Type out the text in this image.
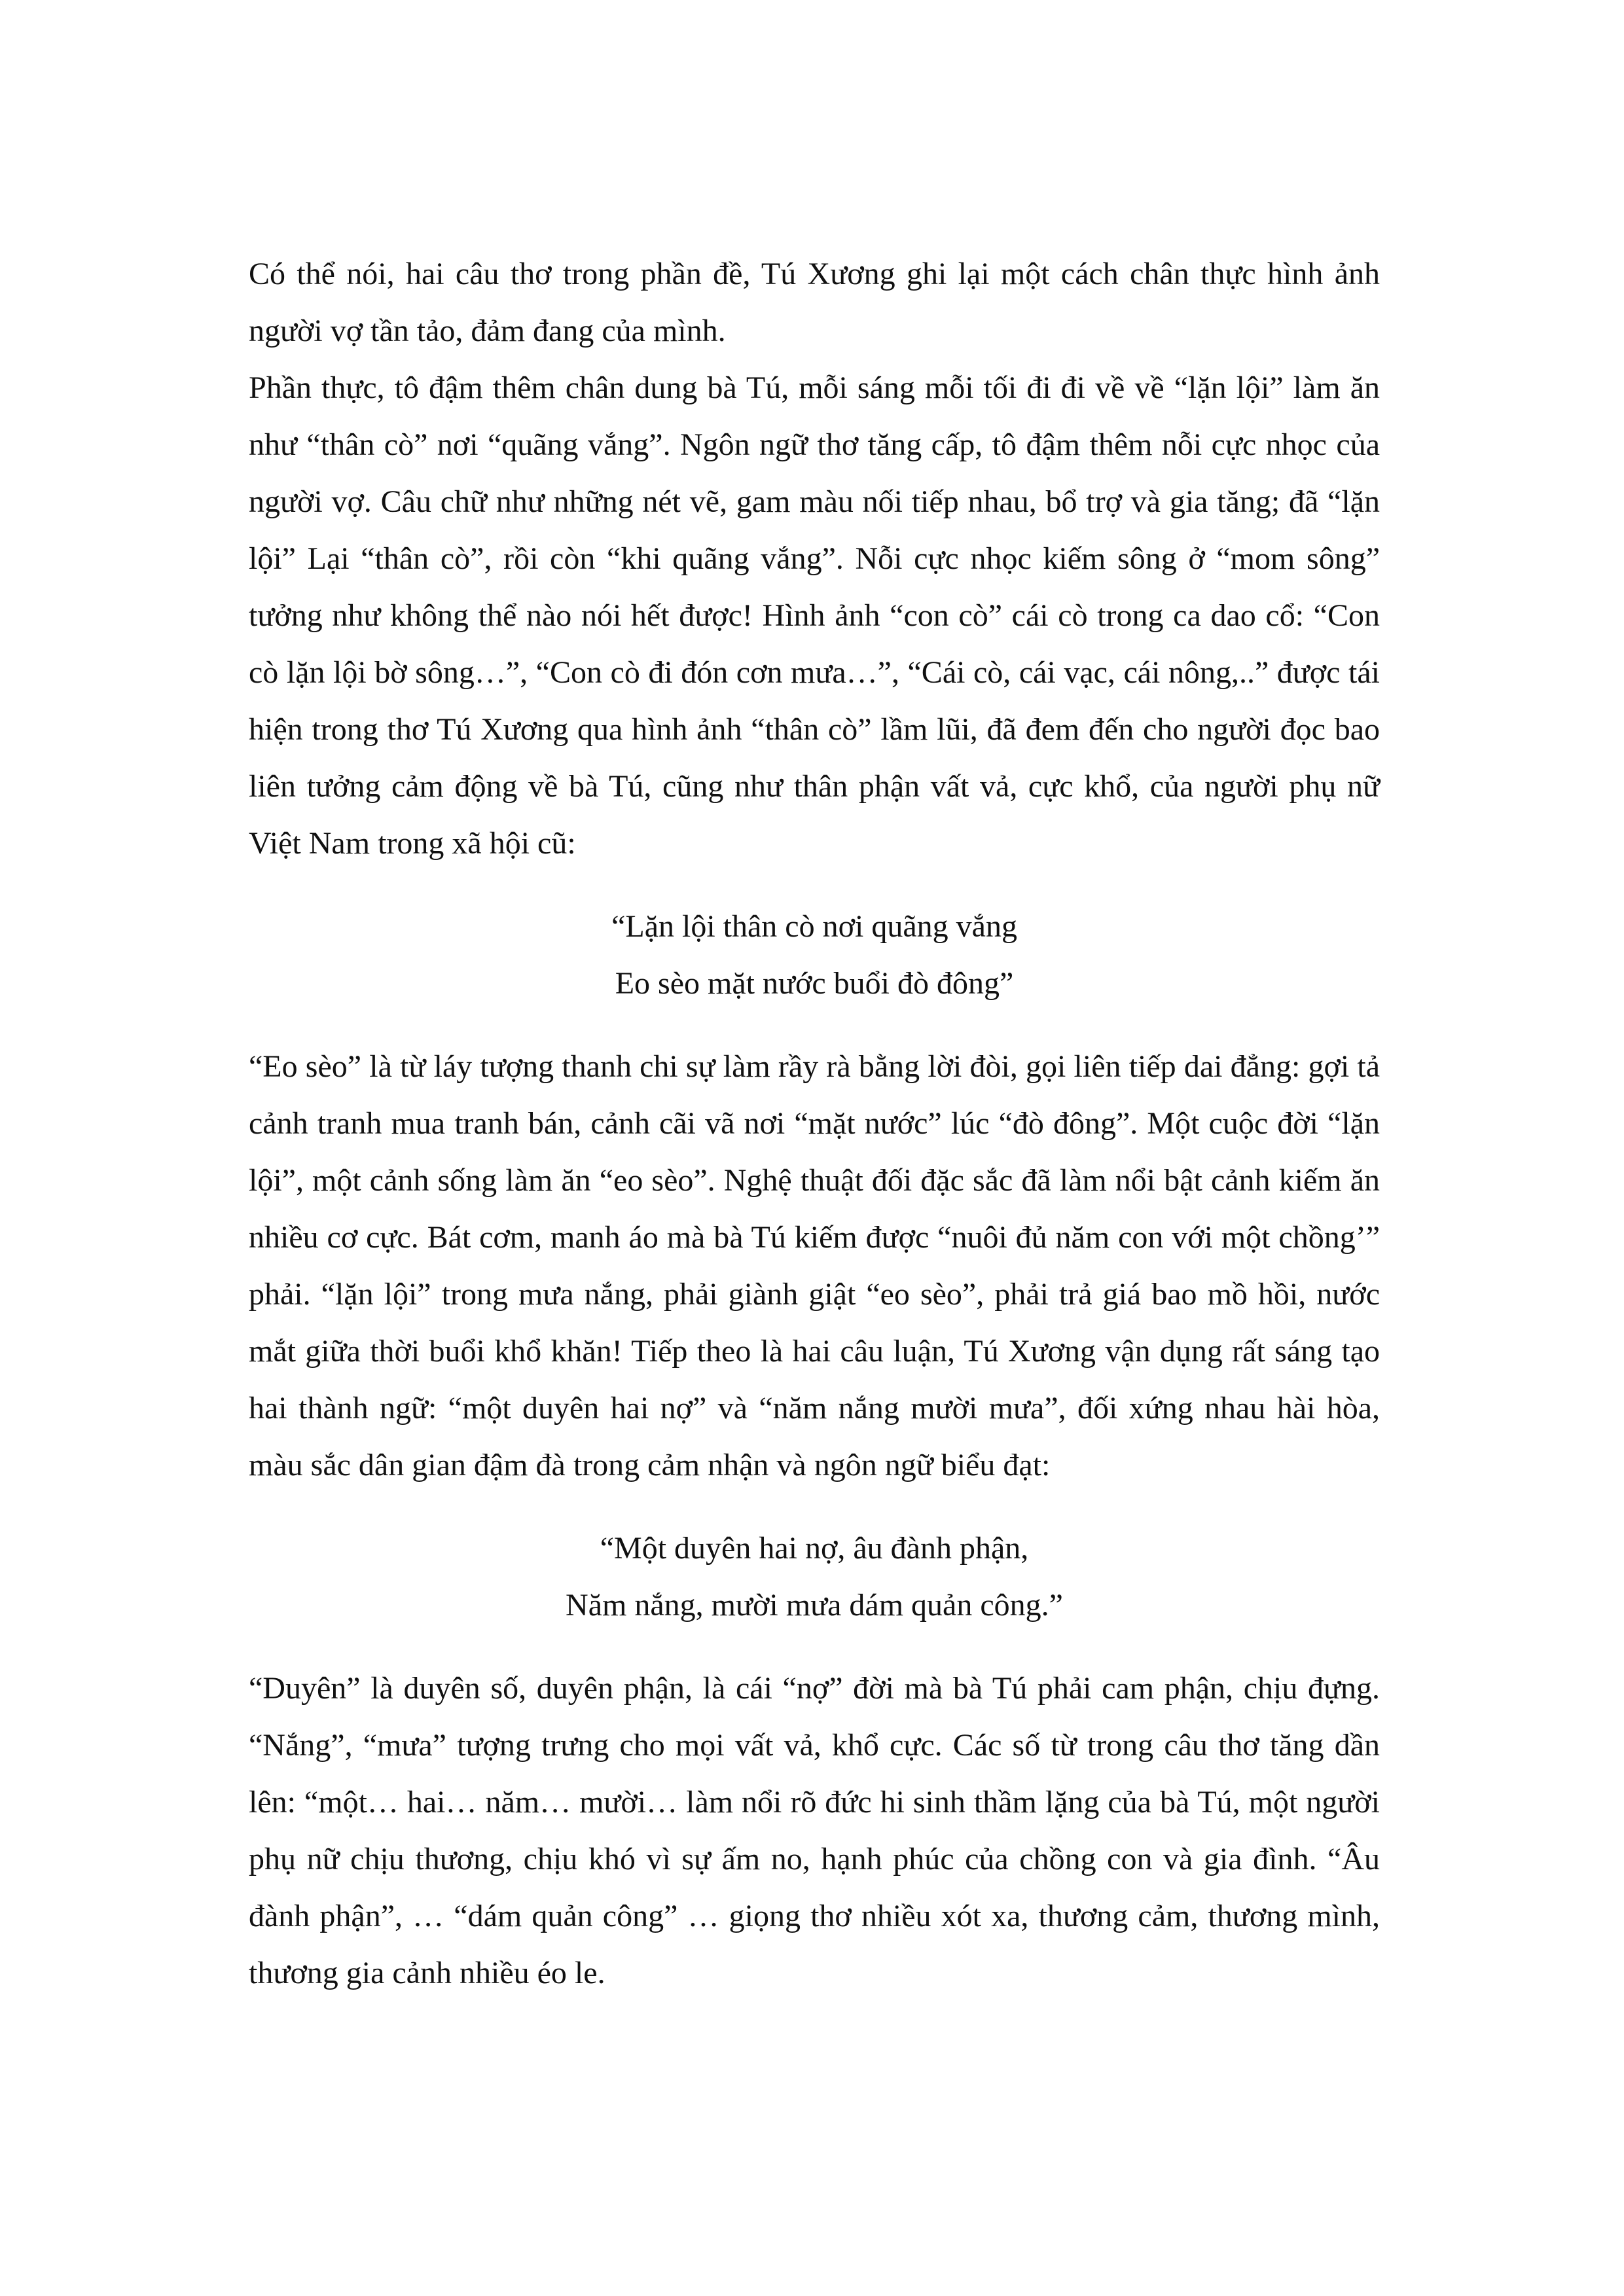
Có thể nói, hai câu thơ trong phần đề, Tú Xương ghi lại một cách chân thực hình ảnh người vợ tần tảo, đảm đang của mình.

Phần thực, tô đậm thêm chân dung bà Tú, mỗi sáng mỗi tối đi đi về về “lặn lội” làm ăn như “thân cò” nơi “quãng vắng”. Ngôn ngữ thơ tăng cấp, tô đậm thêm nỗi cực nhọc của người vợ. Câu chữ như những nét vẽ, gam màu nối tiếp nhau, bổ trợ và gia tăng; đã “lặn lội” Lại “thân cò”, rồi còn “khi quãng vắng”. Nỗi cực nhọc kiếm sông ở “mom sông” tưởng như không thể nào nói hết được! Hình ảnh “con cò” cái cò trong ca dao cổ: “Con cò lặn lội bờ sông…”, “Con cò đi đón cơn mưa…”, “Cái cò, cái vạc, cái nông,..” được tái hiện trong thơ Tú Xương qua hình ảnh “thân cò” lầm lũi, đã đem đến cho người đọc bao liên tưởng cảm động về bà Tú, cũng như thân phận vất vả, cực khổ, của người phụ nữ Việt Nam trong xã hội cũ:

“Lặn lội thân cò nơi quãng vắng
Eo sèo mặt nước buổi đò đông”

“Eo sèo” là từ láy tượng thanh chi sự làm rầy rà bằng lời đòi, gọi liên tiếp dai đẳng: gợi tả cảnh tranh mua tranh bán, cảnh cãi vã nơi “mặt nước” lúc “đò đông”. Một cuộc đời “lặn lội”, một cảnh sống làm ăn “eo sèo”. Nghệ thuật đối đặc sắc đã làm nổi bật cảnh kiếm ăn nhiều cơ cực. Bát cơm, manh áo mà bà Tú kiếm được “nuôi đủ năm con với một chồng’” phải. “lặn lội” trong mưa nắng, phải giành giật “eo sèo”, phải trả giá bao mồ hồi, nước mắt giữa thời buổi khổ khăn! Tiếp theo là hai câu luận, Tú Xương vận dụng rất sáng tạo hai thành ngữ: “một duyên hai nợ” và “năm nắng mười mưa”, đối xứng nhau hài hòa, màu sắc dân gian đậm đà trong cảm nhận và ngôn ngữ biểu đạt:

“Một duyên hai nợ, âu đành phận,
Năm nắng, mười mưa dám quản công.”

“Duyên” là duyên số, duyên phận, là cái “nợ” đời mà bà Tú phải cam phận, chịu đựng. “Nắng”, “mưa” tượng trưng cho mọi vất vả, khổ cực. Các số từ trong câu thơ tăng dần lên: “một… hai… năm… mười… làm nổi rõ đức hi sinh thầm lặng của bà Tú, một người phụ nữ chịu thương, chịu khó vì sự ấm no, hạnh phúc của chồng con và gia đình. “Âu đành phận”, … “dám quản công” … giọng thơ nhiều xót xa, thương cảm, thương mình, thương gia cảnh nhiều éo le.
